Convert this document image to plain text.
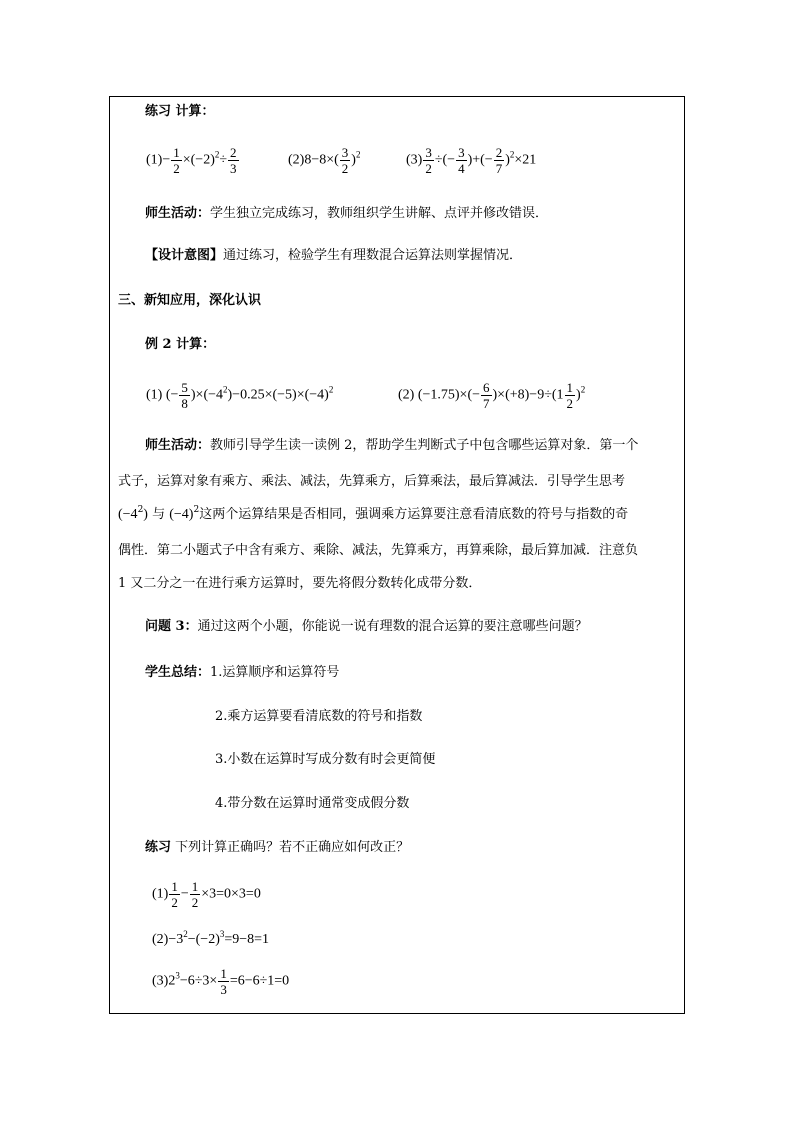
练习 计算：
$(1)- \frac{1}{2} \times(-2)^2\div \frac{2}{3}$	$(2)8-8\times( \frac{3}{2} )^2$	$(3) \frac{3}{2}$ ÷(− $\frac{3}{4}$ )+(− $\frac{2}{7} )^2\times 21$
师生活动：学生独立完成练习，教师组织学生讲解、点评并修改错误．
【设计意图】通过练习，检验学生有理数混合运算法则掌握情况．
三、新知应用，深化认识
例 2 计算：
(1) (− $\frac{5}{8} )\times(-4^2)-0.25\times(-5)\times(-4)^2$	(2) $(-1.75)\times(- \frac{6}{7} )\times(+8)-9\div(1 \frac{1}{2} )^2$
师生活动：教师引导学生读一读例 2，帮助学生判断式子中包含哪些运算对象．第一个
式子，运算对象有乘方、乘法、减法，先算乘方，后算乘法，最后算减法．引导学生思考
$(-4^2)$ 与 $(-4)^2$这两个运算结果是否相同，强调乘方运算要注意看清底数的符号与指数的奇
偶性．第二小题式子中含有乘方、乘除、减法，先算乘方，再算乘除，最后算加减．注意负
1 又二分之一在进行乘方运算时，要先将假分数转化成带分数．
问题 3：通过这两个小题，你能说一说有理数的混合运算的要注意哪些问题？
学生总结：1.运算顺序和运算符号
2.乘方运算要看清底数的符号和指数
3.小数在运算时写成分数有时会更简便
4.带分数在运算时通常变成假分数
练习 下列计算正确吗？若不正确应如何改正？
$(1) \frac{1}{2} - \frac{1}{2} \times 3=0\times 3=0$
$(2)-3^2-(-2)^3=9-8=1$
$(3)2^3-6\div 3\times \frac{1}{3} =6-6\div 1=0$
